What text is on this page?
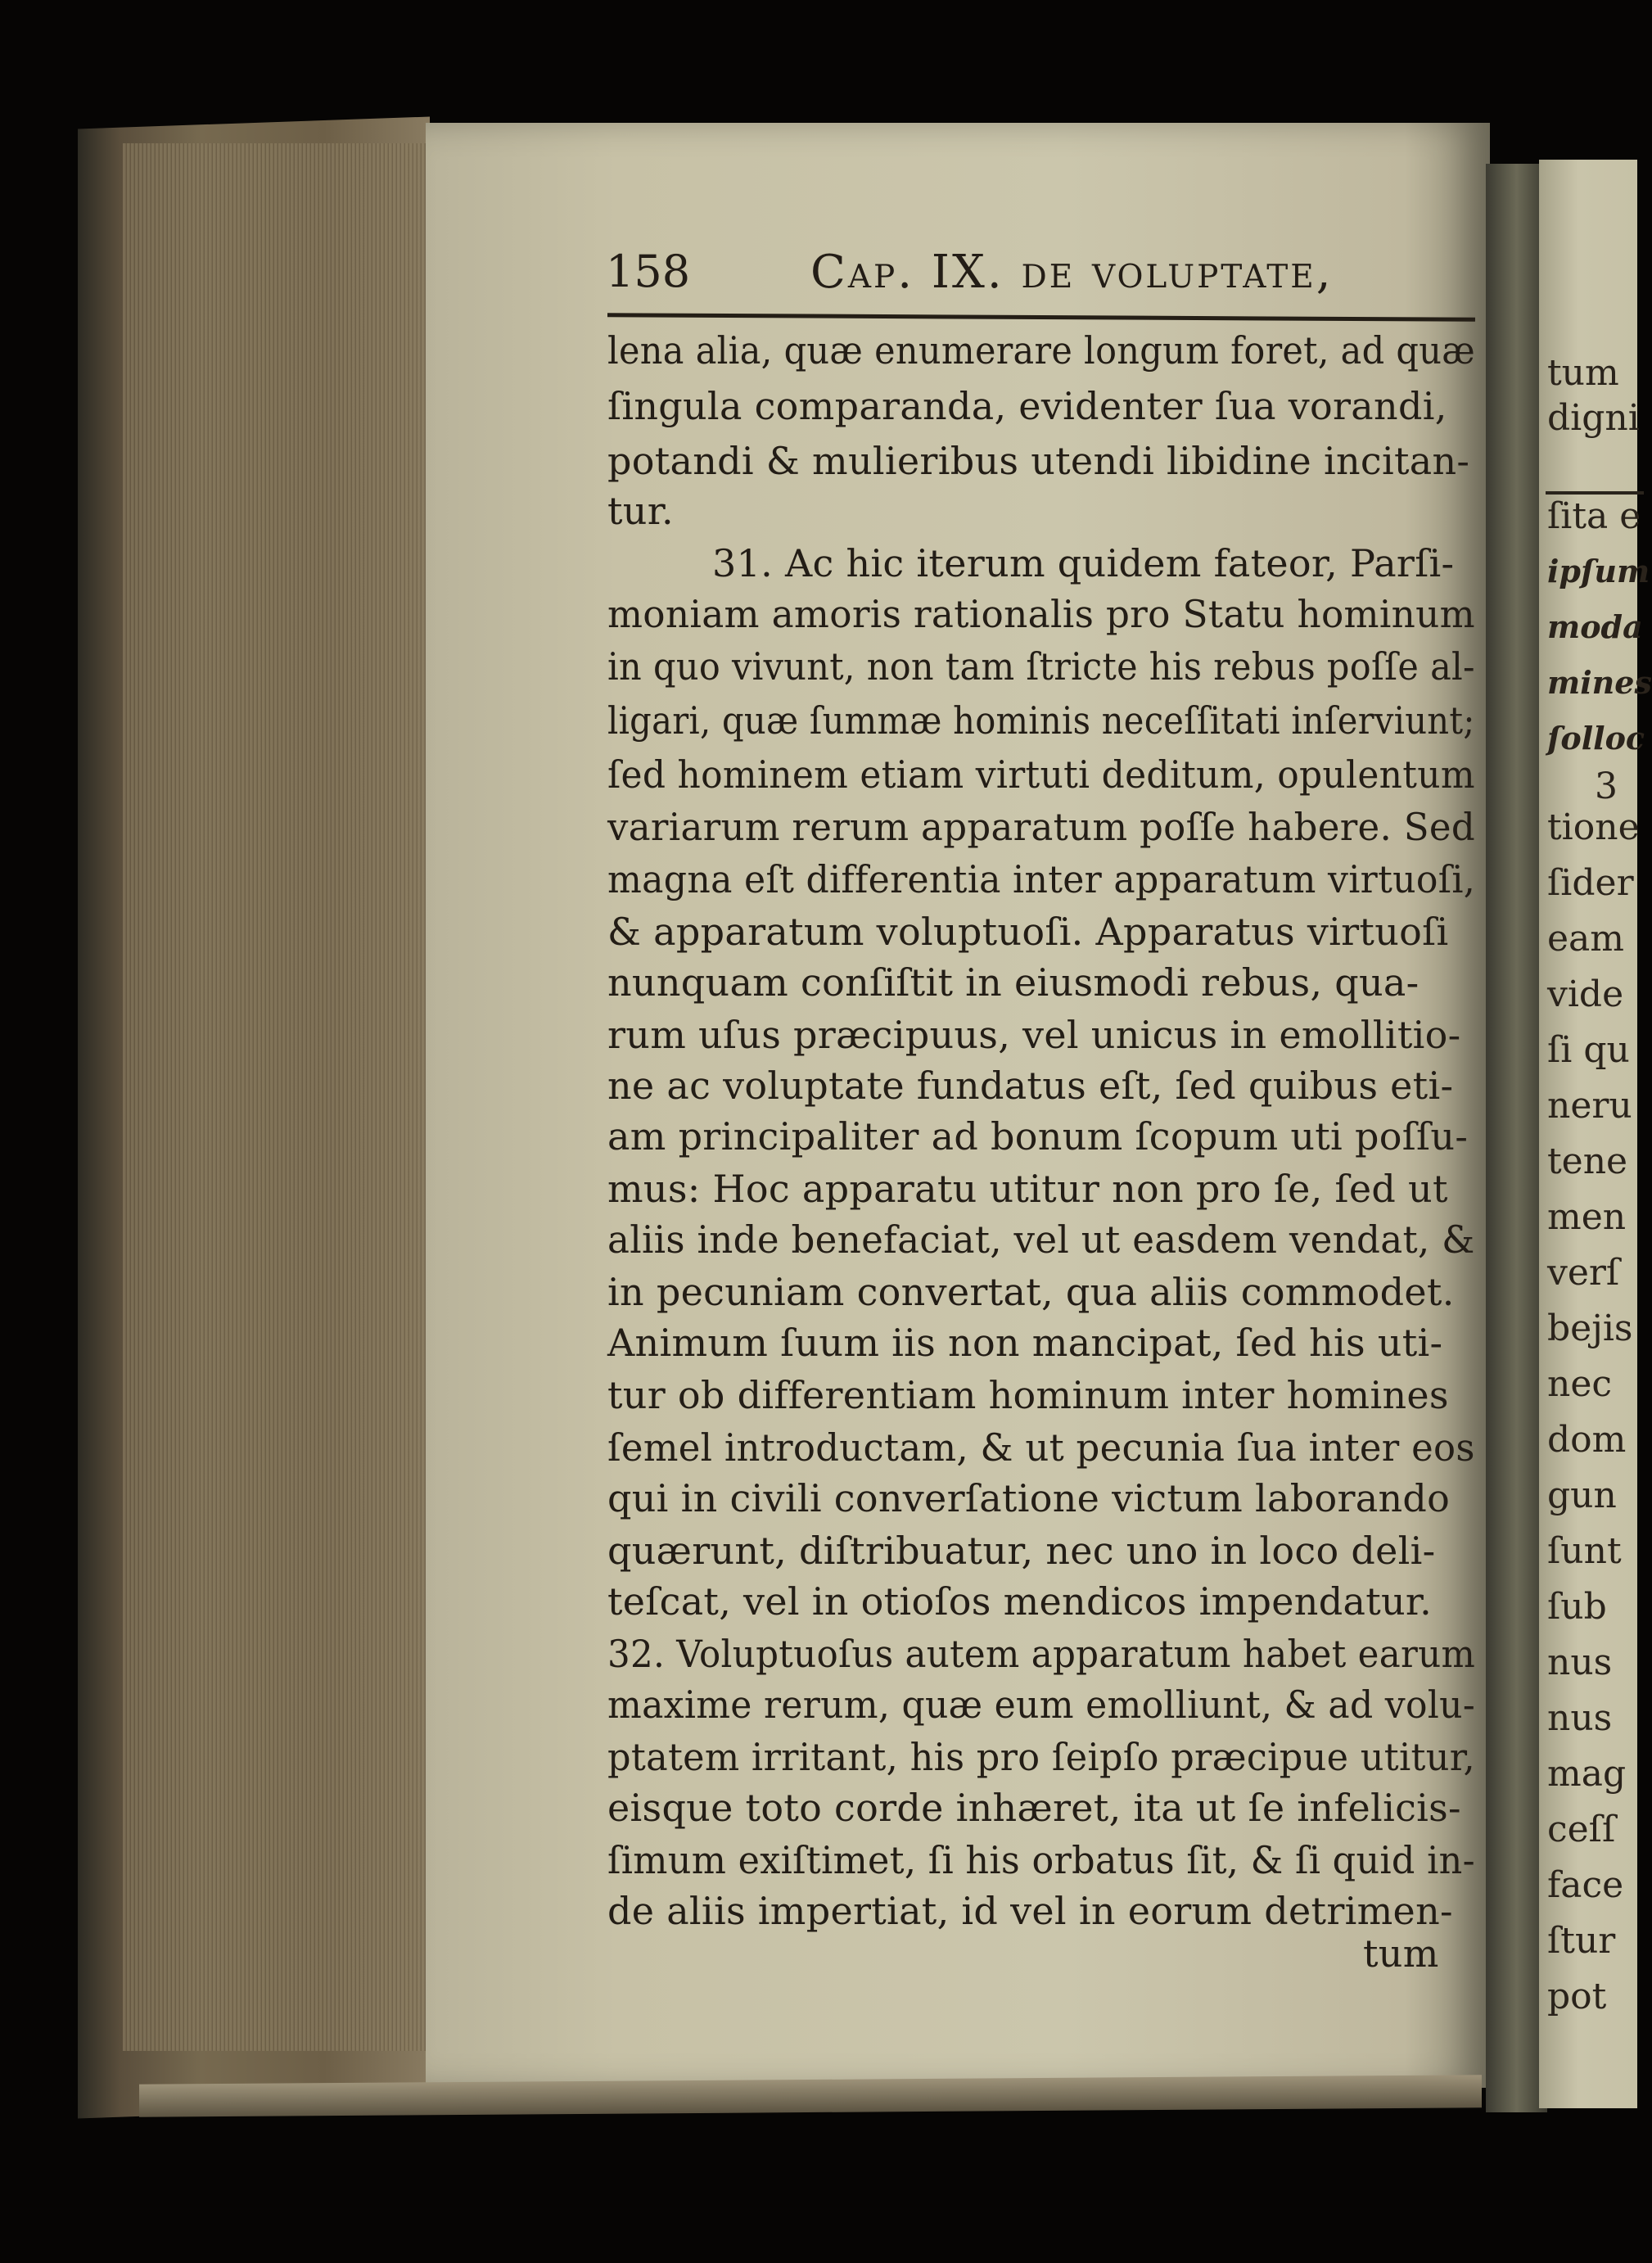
tum
digni
ſita e
ipſum
moda
mines
ſolloc
3
tione
ſider
eam
vide
ſi qu
neru
tene
men
verſ
bejis
nec
dom
gun
ſunt
ſub
nus
nus
mag
ceſſ
face
ſtur
pot
158	Cap. IX. de voluptate,
lena alia, quæ enumerare longum foret, ad quæ
ſingula comparanda, evidenter ſua vorandi,
potandi & mulieribus utendi libidine incitan-
tur.
31. Ac hic iterum quidem fateor, Parſi-
moniam amoris rationalis pro Statu hominum
in quo vivunt, non tam ſtricte his rebus poſſe al-
ligari, quæ ſummæ hominis neceſſitati inſerviunt;
ſed hominem etiam virtuti deditum, opulentum
variarum rerum apparatum poſſe habere. Sed
magna eſt differentia inter apparatum virtuoſi,
& apparatum voluptuoſi. Apparatus virtuoſi
nunquam conſiſtit in eiusmodi rebus, qua-
rum uſus præcipuus, vel unicus in emollitio-
ne ac voluptate fundatus eſt, ſed quibus eti-
am principaliter ad bonum ſcopum uti poſſu-
mus: Hoc apparatu utitur non pro ſe, ſed ut
aliis inde benefaciat, vel ut easdem vendat, &
in pecuniam convertat, qua aliis commodet.
Animum ſuum iis non mancipat, ſed his uti-
tur ob differentiam hominum inter homines
ſemel introductam, & ut pecunia ſua inter eos
qui in civili converſatione victum laborando
quærunt, diſtribuatur, nec uno in loco deli-
teſcat, vel in otioſos mendicos impendatur.
32. Voluptuoſus autem apparatum habet earum
maxime rerum, quæ eum emolliunt, & ad volu-
ptatem irritant, his pro ſeipſo præcipue utitur,
eisque toto corde inhæret, ita ut ſe infelicis-
ſimum exiſtimet, ſi his orbatus ſit, & ſi quid in-
de aliis impertiat, id vel in eorum detrimen-
tum
